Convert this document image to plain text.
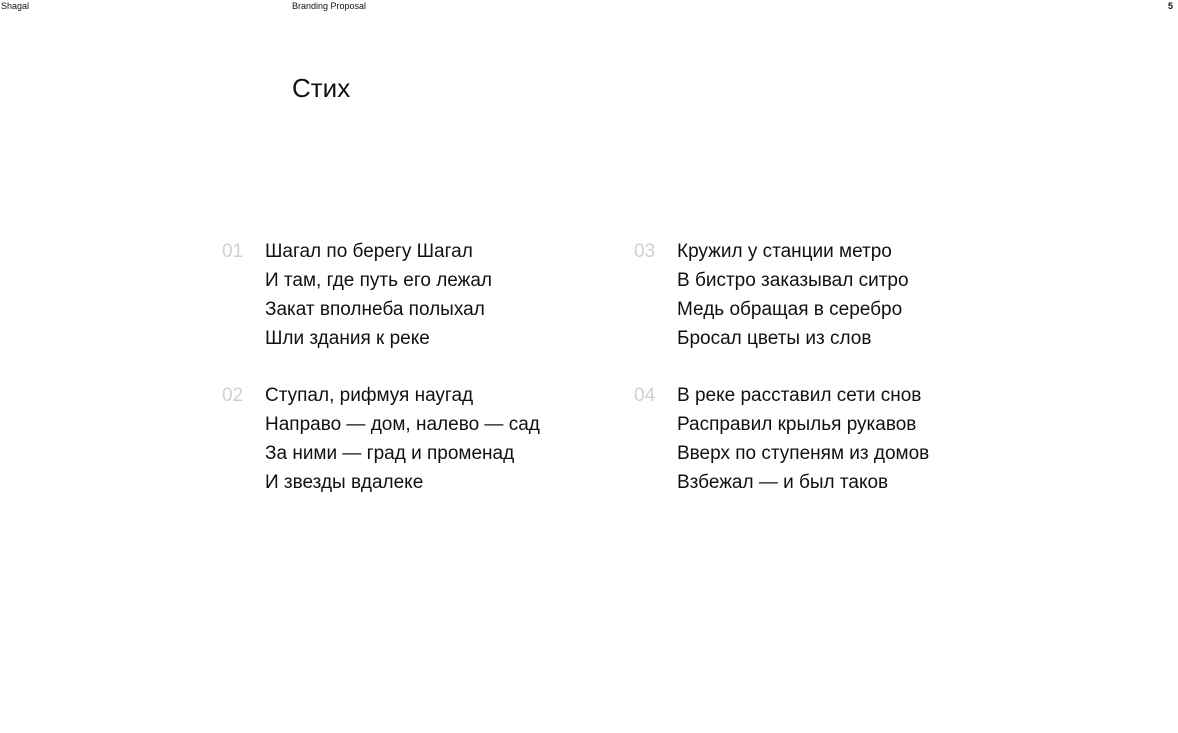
Shagal	Branding Proposal	5
Стих
01 Шагал по берегу Шагал
И там, где путь его лежал
Закат вполнеба полыхал
Шли здания к реке
02 Ступал, рифмуя наугад
Направо — дом, налево — сад
За ними — град и променад
И звезды вдалеке
03 Кружил у станции метро
В бистро заказывал ситро
Медь обращая в серебро
Бросал цветы из слов
04 В реке расставил сети снов
Расправил крылья рукавов
Вверх по ступеням из домов
Взбежал — и был таков
